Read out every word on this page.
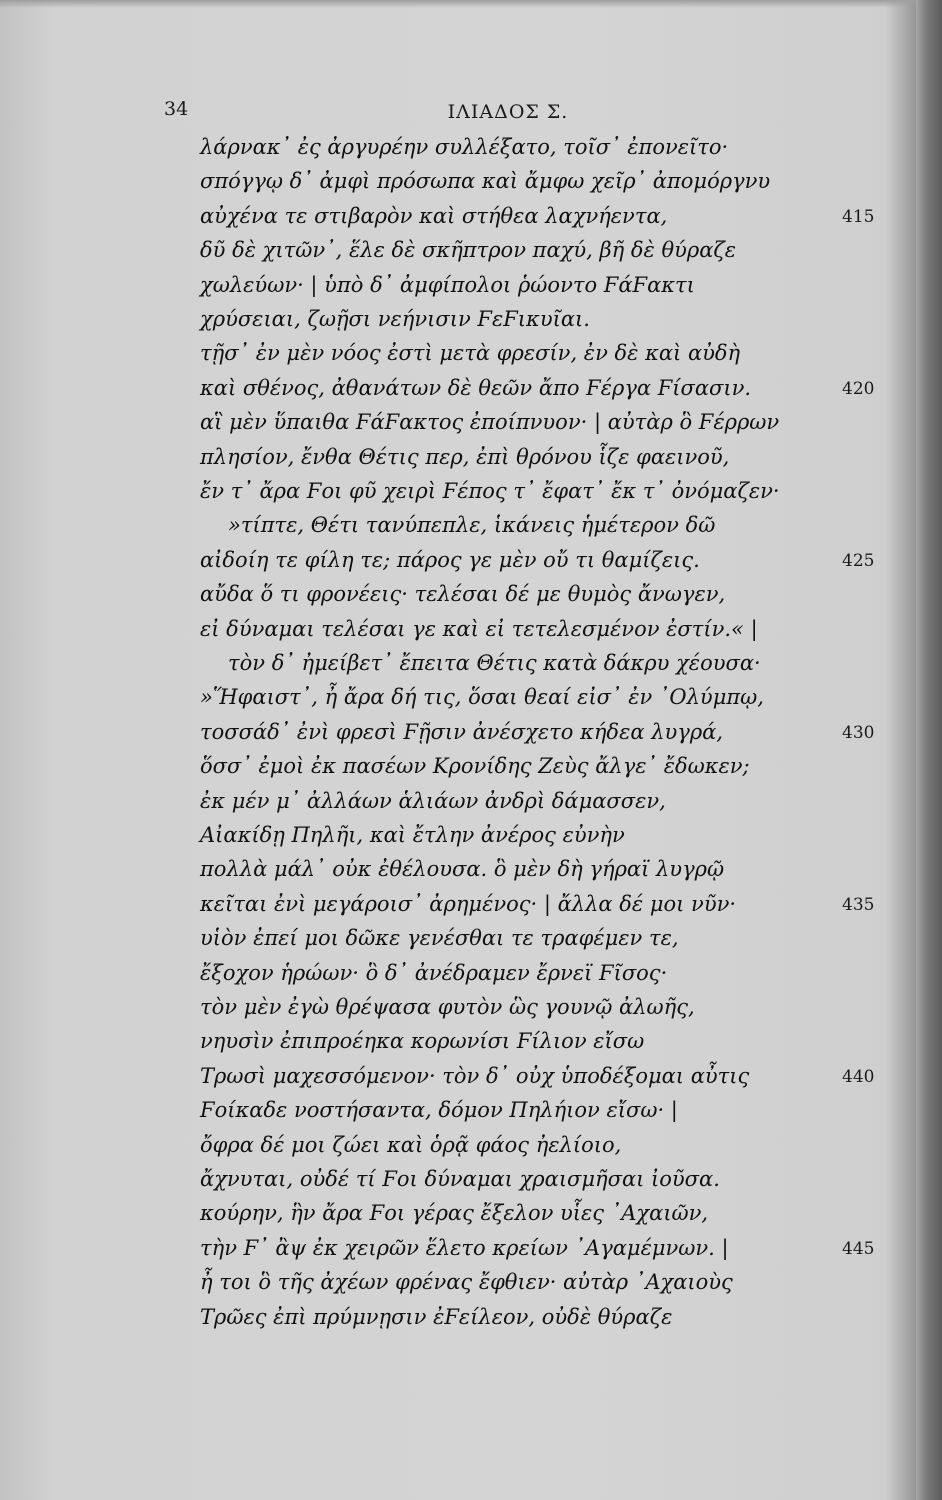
34	ΙΛΙΑΔΟΣ Σ.
λάρνακ᾽ ἐς ἀργυρέην συλλέξατο, τοῖσ᾽ ἐπονεῖτο·
σπόγγῳ δ᾽ ἀμφὶ πρόσωπα καὶ ἄμφω χεῖρ᾽ ἀπομόργνυ
αὐχένα τε στιβαρὸν καὶ στήθεα λαχνήεντα,	415
δῦ δὲ χιτῶν᾽, ἕλε δὲ σκῆπτρον παχύ, βῆ δὲ θύραζε
χωλεύων· | ὑπὸ δ᾽ ἀμφίπολοι ῥώοντο ϜάϜακτι
χρύσειαι, ζωῇσι νεήνισιν ϜεϜικυῖαι.
τῇσ᾽ ἐν μὲν νόος ἐστὶ μετὰ φρεσίν, ἐν δὲ καὶ αὐδὴ
καὶ σθένος, ἀθανάτων δὲ θεῶν ἄπο Ϝέργα Ϝίσασιν.	420
αἳ μὲν ὕπαιθα ϜάϜακτος ἐποίπνυον· | αὐτὰρ ὃ Ϝέρρων
πλησίον, ἔνθα Θέτις περ, ἐπὶ θρόνου ἷζε φαεινοῦ,
ἔν τ᾽ ἄρα Ϝοι φῦ χειρὶ Ϝέπος τ᾽ ἔφατ᾽ ἔκ τ᾽ ὀνόμαζεν·
»τίπτε, Θέτι τανύπεπλε, ἱκάνεις ἡμέτερον δῶ
αἰδοίη τε φίλη τε; πάρος γε μὲν οὔ τι θαμίζεις.	425
αὔδα ὅ τι φρονέεις· τελέσαι δέ με θυμὸς ἄνωγεν,
εἰ δύναμαι τελέσαι γε καὶ εἰ τετελεσμένον ἐστίν.« |
τὸν δ᾽ ἠμείβετ᾽ ἔπειτα Θέτις κατὰ δάκρυ χέουσα·
»Ἥφαιστ᾽, ἦ ἄρα δή τις, ὅσαι θεαί εἰσ᾽ ἐν ᾿Ολύμπῳ,
τοσσάδ᾽ ἐνὶ φρεσὶ Ϝῇσιν ἀνέσχετο κήδεα λυγρά,	430
ὅσσ᾽ ἐμοὶ ἐκ πασέων Κρονίδης Ζεὺς ἄλγε᾽ ἔδωκεν;
ἐκ μέν μ᾽ ἀλλάων ἁλιάων ἀνδρὶ δάμασσεν,
Αἰακίδῃ Πηλῆι, καὶ ἔτλην ἀνέρος εὐνὴν
πολλὰ μάλ᾽ οὐκ ἐθέλουσα. ὃ μὲν δὴ γήραϊ λυγρῷ
κεῖται ἐνὶ μεγάροισ᾽ ἀρημένος· | ἄλλα δέ μοι νῦν·	435
υἱὸν ἐπεί μοι δῶκε γενέσθαι τε τραφέμεν τε,
ἔξοχον ἡρώων· ὃ δ᾽ ἀνέδραμεν ἔρνεϊ Ϝῖσος·
τὸν μὲν ἐγὼ θρέψασα φυτὸν ὣς γουνῷ ἀλωῆς,
νηυσὶν ἐπιπροέηκα κορωνίσι Ϝίλιον εἴσω
Τρωσὶ μαχεσσόμενον· τὸν δ᾽ οὐχ ὑποδέξομαι αὖτις	440
Ϝοίκαδε νοστήσαντα, δόμον Πηλήιον εἴσω· |
ὄφρα δέ μοι ζώει καὶ ὁρᾷ φάος ἠελίοιο,
ἄχνυται, οὐδέ τί Ϝοι δύναμαι χραισμῆσαι ἰοῦσα.
κούρην, ἣν ἄρα Ϝοι γέρας ἔξελον υἷες ᾿Αχαιῶν,
τὴν Ϝ᾽ ἂψ ἐκ χειρῶν ἕλετο κρείων ᾿Αγαμέμνων. |	445
ἦ τοι ὃ τῆς ἀχέων φρένας ἔφθιεν· αὐτὰρ ᾿Αχαιοὺς
Τρῶες ἐπὶ πρύμνῃσιν ἐϜείλεον, οὐδὲ θύραζε
